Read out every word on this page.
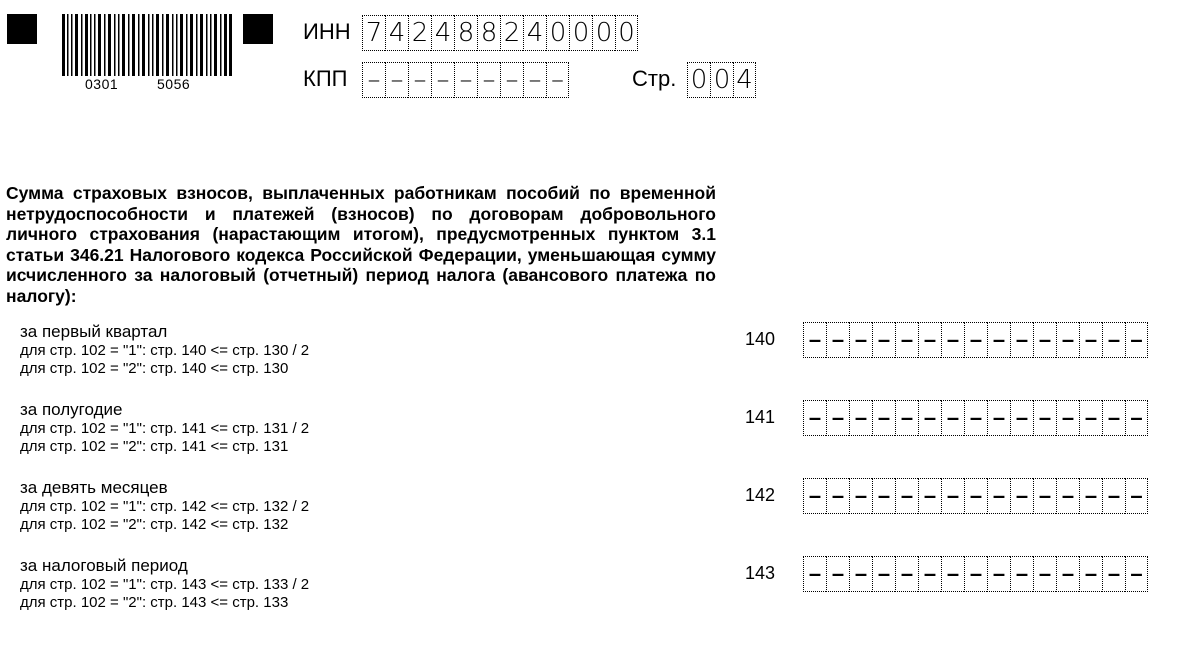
0301	5056
ИНН 7 4 2 4 8 8 2 4 0 0 0 0
КПП – – – – – – – – –	Стр. 0 0 4
Сумма страховых взносов, выплаченных работникам пособий по временной нетрудоспособности и платежей (взносов) по договорам добровольного личного страхования (нарастающим итогом), предусмотренных пунктом 3.1 статьи 346.21 Налогового кодекса Российской Федерации, уменьшающая сумму исчисленного за налоговый (отчетный) период налога (авансового платежа по налогу):
за первый квартал
для стр. 102 = "1": стр. 140 <= стр. 130 / 2
для стр. 102 = "2": стр. 140 <= стр. 130
140 – – – – – – – – – – – – – – –
за полугодие
для стр. 102 = "1": стр. 141 <= стр. 131 / 2
для стр. 102 = "2": стр. 141 <= стр. 131
141 – – – – – – – – – – – – – – –
за девять месяцев
для стр. 102 = "1": стр. 142 <= стр. 132 / 2
для стр. 102 = "2": стр. 142 <= стр. 132
142 – – – – – – – – – – – – – – –
за налоговый период
для стр. 102 = "1": стр. 143 <= стр. 133 / 2
для стр. 102 = "2": стр. 143 <= стр. 133
143 – – – – – – – – – – – – – – –
